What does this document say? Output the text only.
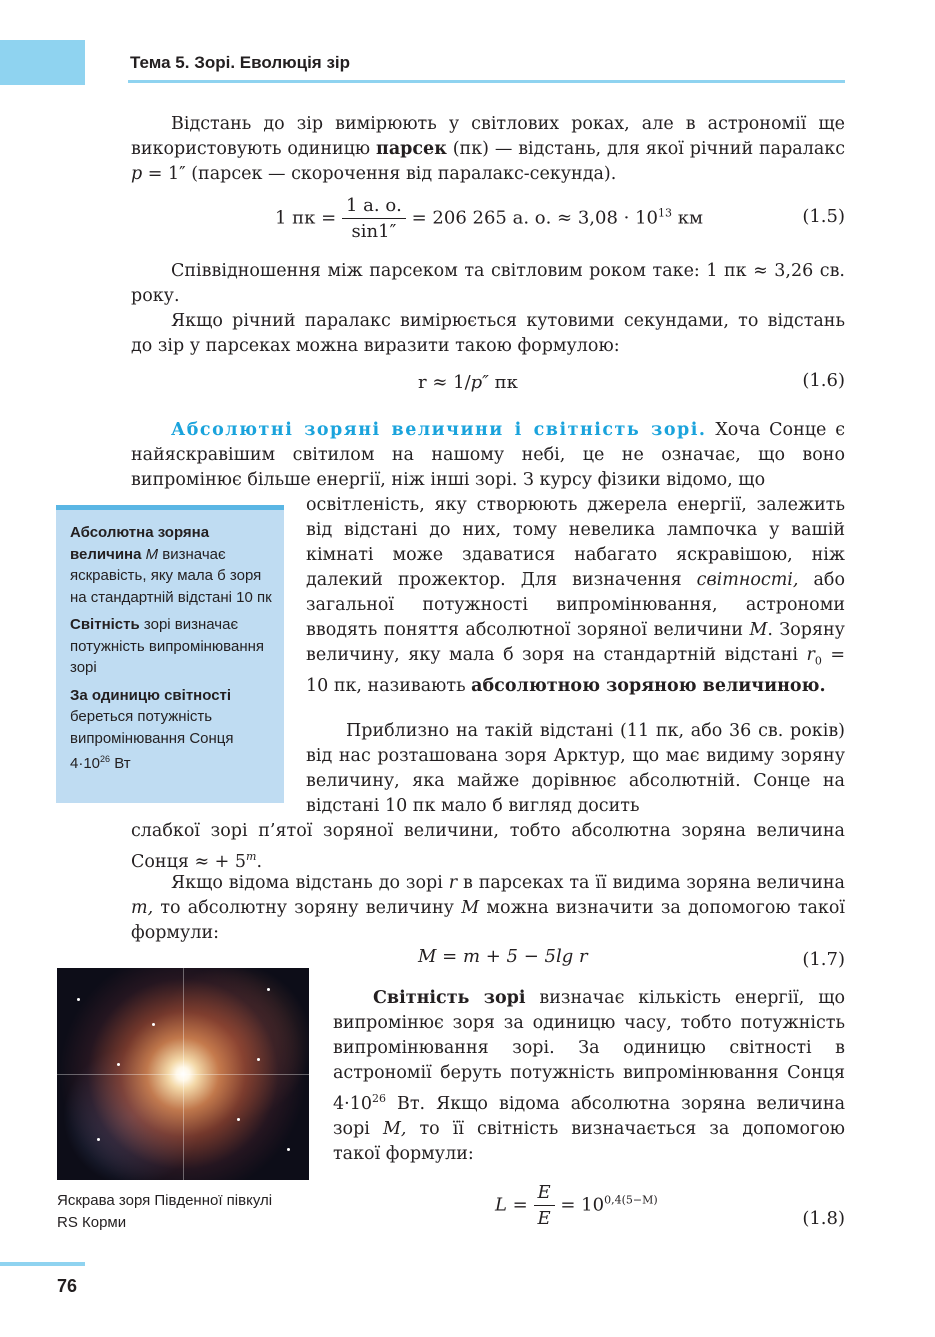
Тема 5. Зорі. Еволюція зір

Відстань до зір вимірюють у світлових роках, але в астрономії ще використовують одиницю парсек (пк) — відстань, для якої річний паралакс p = 1″ (парсек — скорочення від паралакс-секунда).

1 пк = $\frac{1 а. о.}{\sin 1''} = 206$ 265 а. о. ≈ $3,08 \cdot 10^{13}$ км	(1.5)

Співвідношення між парсеком та світловим роком таке: 1 пк ≈ 3,26 св. року.

Якщо річний паралакс вимірюється кутовими секундами, то відстань до зір у парсеках можна виразити такою формулою:

r ≈ 1/p″ пк	(1.6)

Абсолютні зоряні величини і світність зорі. Хоча Сонце є найяскравішим світилом на нашому небі, це не означає, що воно випромінює більше енергії, ніж інші зорі. З курсу фізики відомо, що

Абсолютна зоряна величина M визначає яскравість, яку мала б зоря на стандартній відстані 10 пк

Світність зорі визначає потужність випромінювання зорі

За одиницю світності береться потужність випромінювання Сонця $4\cdot 10^{26}$ Вт

освітленість, яку створюють джерела енергії, залежить від відстані до них, тому невелика лампочка у вашій кімнаті може здаватися набагато яскравішою, ніж далекий прожектор. Для визначення світності, або загальної потужності випромінювання, астрономи вводять поняття абсолютної зоряної величини M. Зоряну величину, яку мала б зоря на стандартній відстані $r_0 = 10$ пк, називають абсолютною зоряною величиною.

Приблизно на такій відстані (11 пк, або 36 св. років) від нас розташована зоря Арктур, що має видиму зоряну величину, яка майже дорівнює абсолютній. Сонце на відстані 10 пк мало б вигляд досить

слабкої зорі п’ятої зоряної величини, тобто абсолютна зоряна величина Сонця ≈ + $5^m$.

Якщо відома відстань до зорі r в парсеках та її видима зоряна величина m, то абсолютну зоряну величину M можна визначити за допомогою такої формули:

M = m + 5 − 5lg r	(1.7)

Світність зорі визначає кількість енергії, що випромінює зоря за одиницю часу, тобто потужність випромінювання зорі. За одиницю світності в астрономії беруть потужність випромінювання Сонця $4\cdot 10^{26}$ Вт. Якщо відома абсолютна зоряна величина зорі M, то її світність визначається за допомогою такої формули:

Яскрава зоря Південної півкулі RS Корми
$L = \frac{E}{E} = 10^{0,4(5-M)}$
(1.8)
76
